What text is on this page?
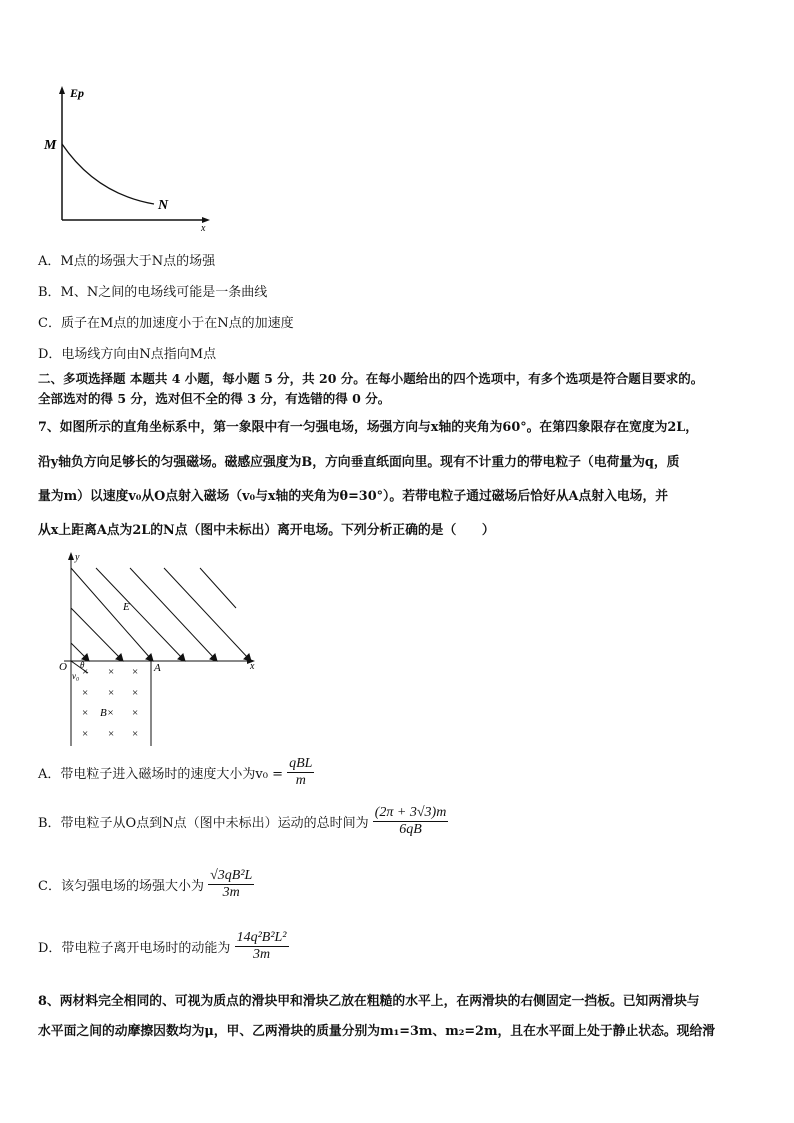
Ep
x
M
N
A．M点的场强大于N点的场强
B．M、N之间的电场线可能是一条曲线
C．质子在M点的加速度小于在N点的加速度
D．电场线方向由N点指向M点
二、多项选择题 本题共 4 小题，每小题 5 分，共 20 分。在每小题给出的四个选项中，有多个选项是符合题目要求的。
全部选对的得 5 分，选对但不全的得 3 分，有选错的得 0 分。
7、如图所示的直角坐标系中，第一象限中有一匀强电场，场强方向与x轴的夹角为60°。在第四象限存在宽度为2L，
沿y轴负方向足够长的匀强磁场。磁感应强度为B，方向垂直纸面向里。现有不计重力的带电粒子（电荷量为q，质
量为m）以速度v₀从O点射入磁场（v₀与x轴的夹角为θ=30°）。若带电粒子通过磁场后恰好从A点射入电场，并
从x上距离A点为2L的N点（图中未标出）离开电场。下列分析正确的是（　　）
y
x
E
O	A
θ
v₀ × × ×
× × ×
×	×
× × ×
B×
A．带电粒子进入磁场时的速度大小为$v_0 = \frac{\text{qBL}}{m}$
B．带电粒子从O点到N点（图中未标出）运动的总时间为 $\frac{(2\pi + 3√3)m}{6qB}$
C．该匀强电场的场强大小为 $\frac{\text{√3qB²L}}{3m}$
D．带电粒子离开电场时的动能为 $\frac{\text{14q²B²L²}}{3m}$
8、两材料完全相同的、可视为质点的滑块甲和滑块乙放在粗糙的水平上，在两滑块的右侧固定一挡板。已知两滑块与
水平面之间的动摩擦因数均为μ，甲、乙两滑块的质量分别为m₁=3m、m₂=2m，且在水平面上处于静止状态。现给滑
